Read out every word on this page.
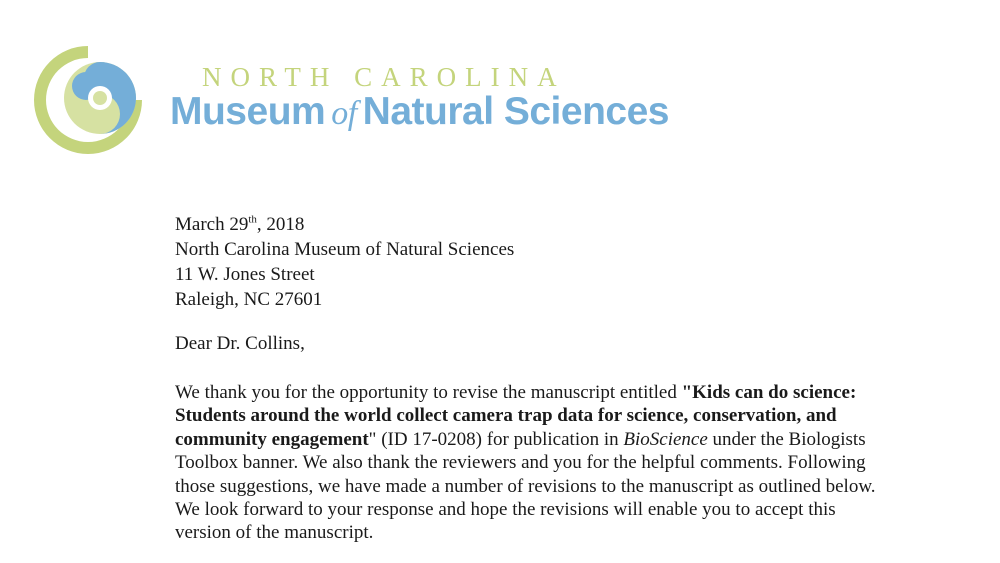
NORTH CAROLINA
Museum of Natural Sciences
March 29th, 2018
North Carolina Museum of Natural Sciences
11 W. Jones Street
Raleigh, NC 27601
Dear Dr. Collins,
We thank you for the opportunity to revise the manuscript entitled "Kids can do science:
Students around the world collect camera trap data for science, conservation, and
community engagement" (ID 17-0208) for publication in BioScience under the Biologists
Toolbox banner. We also thank the reviewers and you for the helpful comments. Following
those suggestions, we have made a number of revisions to the manuscript as outlined below.
We look forward to your response and hope the revisions will enable you to accept this
version of the manuscript.
